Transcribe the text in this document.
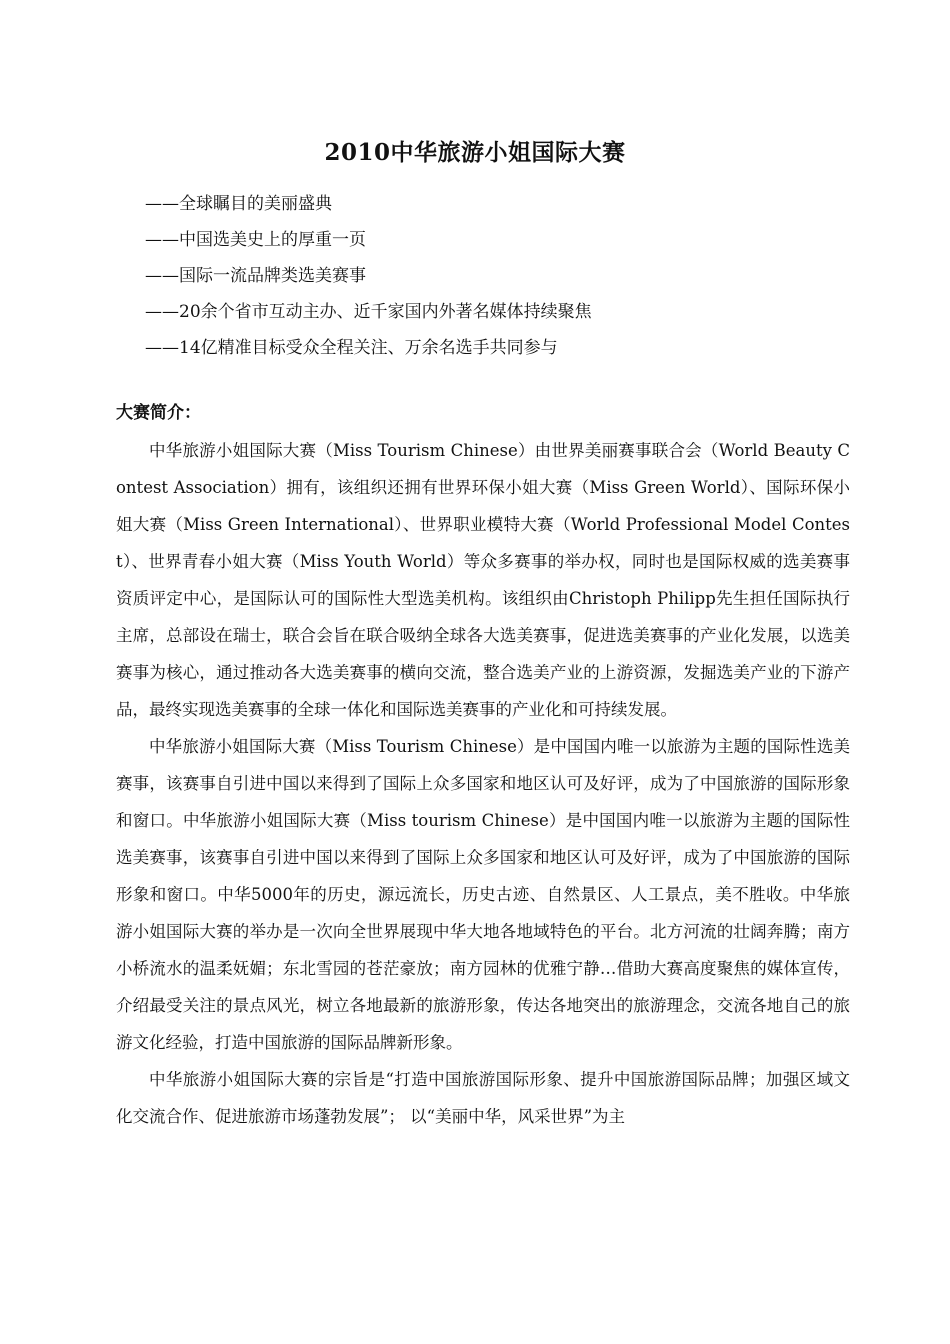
2010中华旅游小姐国际大赛
——全球瞩目的美丽盛典
——中国选美史上的厚重一页
——国际一流品牌类选美赛事
——20余个省市互动主办、近千家国内外著名媒体持续聚焦
——14亿精准目标受众全程关注、万余名选手共同参与
大赛简介：

中华旅游小姐国际大赛（Miss Tourism Chinese）由世界美丽赛事联合会（World Beauty Contest Association）拥有，该组织还拥有世界环保小姐大赛（Miss Green World）、国际环保小姐大赛（Miss Green International）、世界职业模特大赛（World Professional Model Contest）、世界青春小姐大赛（Miss Youth World）等众多赛事的举办权，同时也是国际权威的选美赛事资质评定中心，是国际认可的国际性大型选美机构。该组织由Christoph Philipp先生担任国际执行主席，总部设在瑞士，联合会旨在联合吸纳全球各大选美赛事，促进选美赛事的产业化发展，以选美赛事为核心，通过推动各大选美赛事的横向交流，整合选美产业的上游资源，发掘选美产业的下游产品，最终实现选美赛事的全球一体化和国际选美赛事的产业化和可持续发展。

中华旅游小姐国际大赛（Miss Tourism Chinese）是中国国内唯一以旅游为主题的国际性选美赛事，该赛事自引进中国以来得到了国际上众多国家和地区认可及好评，成为了中国旅游的国际形象和窗口。中华旅游小姐国际大赛（Miss tourism Chinese）是中国国内唯一以旅游为主题的国际性选美赛事，该赛事自引进中国以来得到了国际上众多国家和地区认可及好评，成为了中国旅游的国际形象和窗口。中华5000年的历史，源远流长，历史古迹、自然景区、人工景点，美不胜收。中华旅游小姐国际大赛的举办是一次向全世界展现中华大地各地域特色的平台。北方河流的壮阔奔腾；南方小桥流水的温柔妩媚；东北雪园的苍茫豪放；南方园林的优雅宁静…借助大赛高度聚焦的媒体宣传，介绍最受关注的景点风光，树立各地最新的旅游形象，传达各地突出的旅游理念，交流各地自己的旅游文化经验，打造中国旅游的国际品牌新形象。

中华旅游小姐国际大赛的宗旨是“打造中国旅游国际形象、提升中国旅游国际品牌；加强区域文化交流合作、促进旅游市场蓬勃发展”； 以“美丽中华，风采世界”为主
